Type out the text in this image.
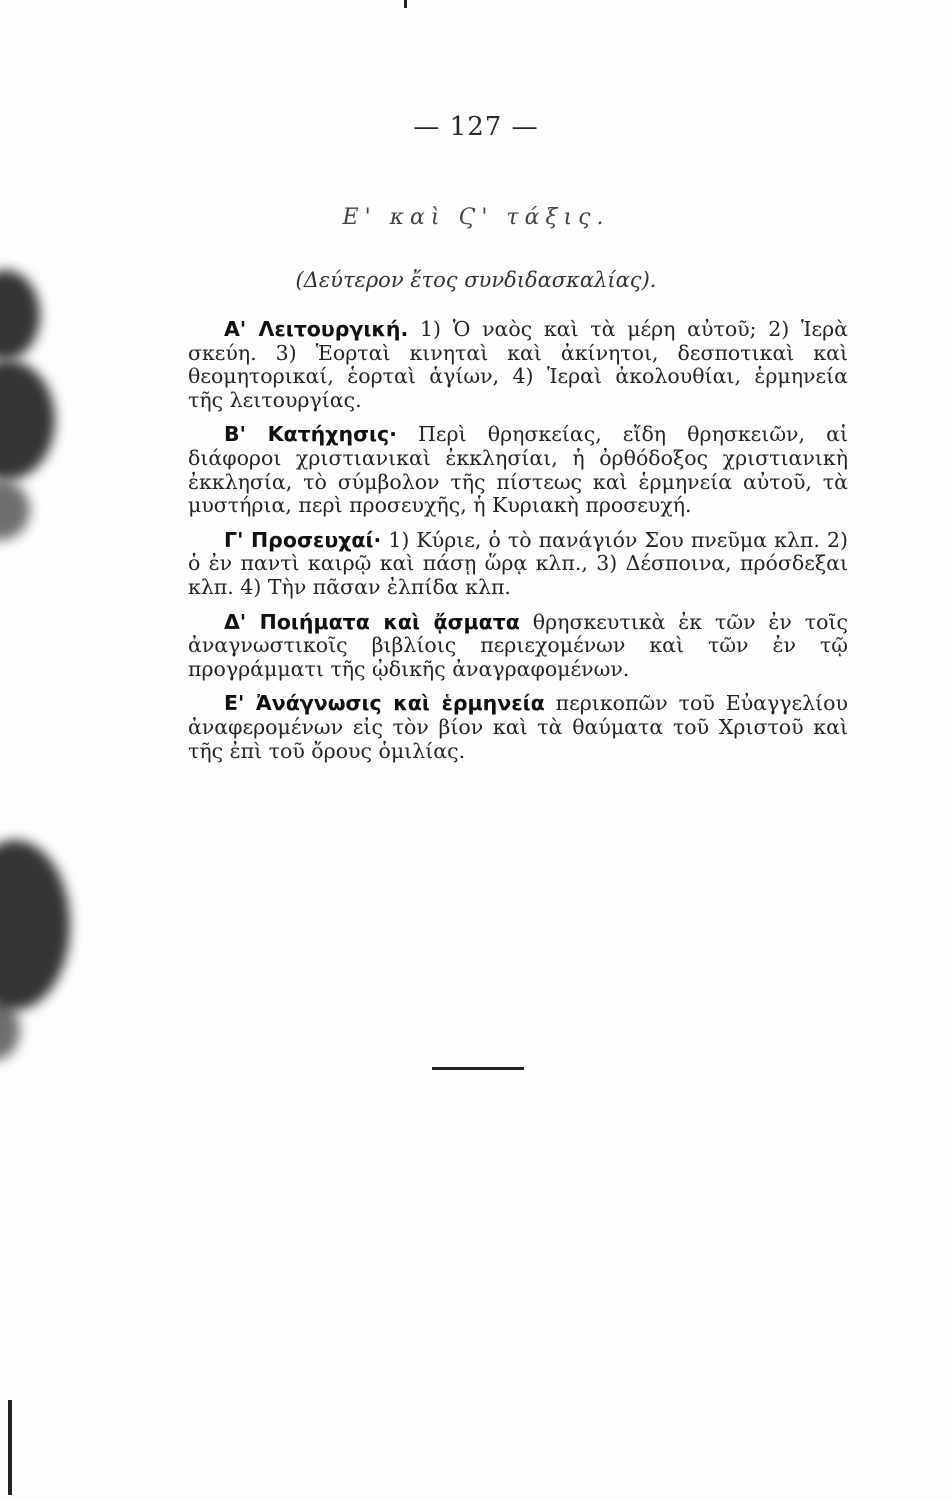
— 127 —
Ε' καὶ Ϛ' τάξις.
(Δεύτερον ἔτος συνδιδασκαλίας).

Α' Λειτουργική. 1) Ὁ ναὸς καὶ τὰ μέρη αὐτοῦ; 2) Ἱερὰ σκεύη. 3) Ἑορταὶ κινηταὶ καὶ ἀκίνητοι, δεσποτικαὶ καὶ θεομητορικαί, ἑορταὶ ἁγίων, 4) Ἱεραὶ ἀκολουθίαι, ἑρμηνεία τῆς λειτουργίας.

Β' Κατήχησις· Περὶ θρησκείας, εἴδη θρησκειῶν, αἱ διάφοροι χριστιανικαὶ ἐκκλησίαι, ἡ ὀρθόδοξος χριστιανικὴ ἐκκλησία, τὸ σύμβολον τῆς πίστεως καὶ ἑρμηνεία αὐτοῦ, τὰ μυστήρια, περὶ προσευχῆς, ἡ Κυριακὴ προσευχή.

Γ' Προσευχαί· 1) Κύριε, ὁ τὸ πανάγιόν Σου πνεῦμα κλπ. 2) ὁ ἐν παντὶ καιρῷ καὶ πάσῃ ὥρᾳ κλπ., 3) Δέσποινα, πρόσδεξαι κλπ. 4) Τὴν πᾶσαν ἐλπίδα κλπ.

Δ' Ποιήματα καὶ ᾄσματα θρησκευτικὰ ἐκ τῶν ἐν τοῖς ἀναγνωστικοῖς βιβλίοις περιεχομένων καὶ τῶν ἐν τῷ προγράμματι τῆς ᾠδικῆς ἀναγραφομένων.

Ε' Ἀνάγνωσις καὶ ἑρμηνεία περικοπῶν τοῦ Εὐαγγελίου ἀναφερομένων εἰς τὸν βίον καὶ τὰ θαύματα τοῦ Χριστοῦ καὶ τῆς ἐπὶ τοῦ ὄρους ὁμιλίας.
